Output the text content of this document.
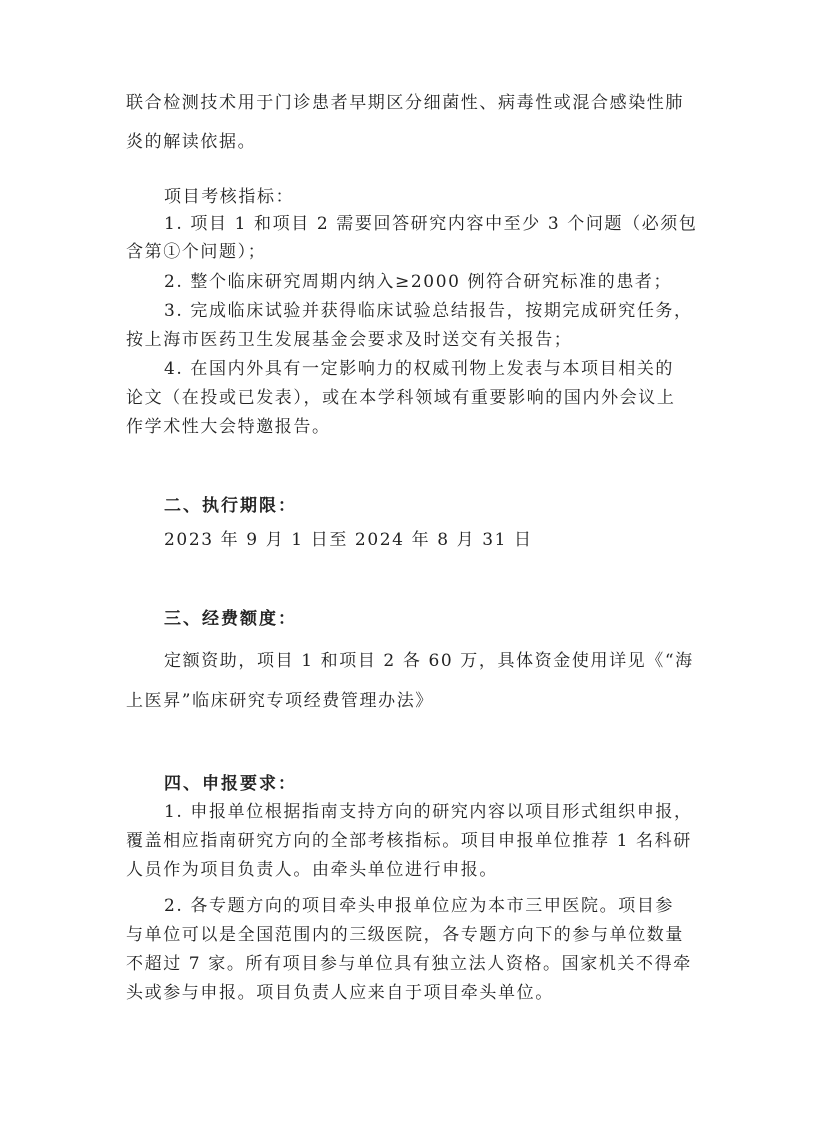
联合检测技术用于门诊患者早期区分细菌性、病毒性或混合感染性肺
炎的解读依据。
项目考核指标：
1. 项目 1 和项目 2 需要回答研究内容中至少 3 个问题（必须包
含第①个问题）；
2. 整个临床研究周期内纳入≥2000 例符合研究标准的患者；
3. 完成临床试验并获得临床试验总结报告，按期完成研究任务，
按上海市医药卫生发展基金会要求及时送交有关报告；
4. 在国内外具有一定影响力的权威刊物上发表与本项目相关的
论文（在投或已发表），或在本学科领域有重要影响的国内外会议上
作学术性大会特邀报告。
二、执行期限：
2023 年 9 月 1 日至 2024 年 8 月 31 日
三、经费额度：
定额资助，项目 1 和项目 2 各 60 万，具体资金使用详见《“海
上医昇”临床研究专项经费管理办法》
四、申报要求：
1. 申报单位根据指南支持方向的研究内容以项目形式组织申报，
覆盖相应指南研究方向的全部考核指标。项目申报单位推荐 1 名科研
人员作为项目负责人。由牵头单位进行申报。
2. 各专题方向的项目牵头申报单位应为本市三甲医院。项目参
与单位可以是全国范围内的三级医院，各专题方向下的参与单位数量
不超过 7 家。所有项目参与单位具有独立法人资格。国家机关不得牵
头或参与申报。项目负责人应来自于项目牵头单位。
